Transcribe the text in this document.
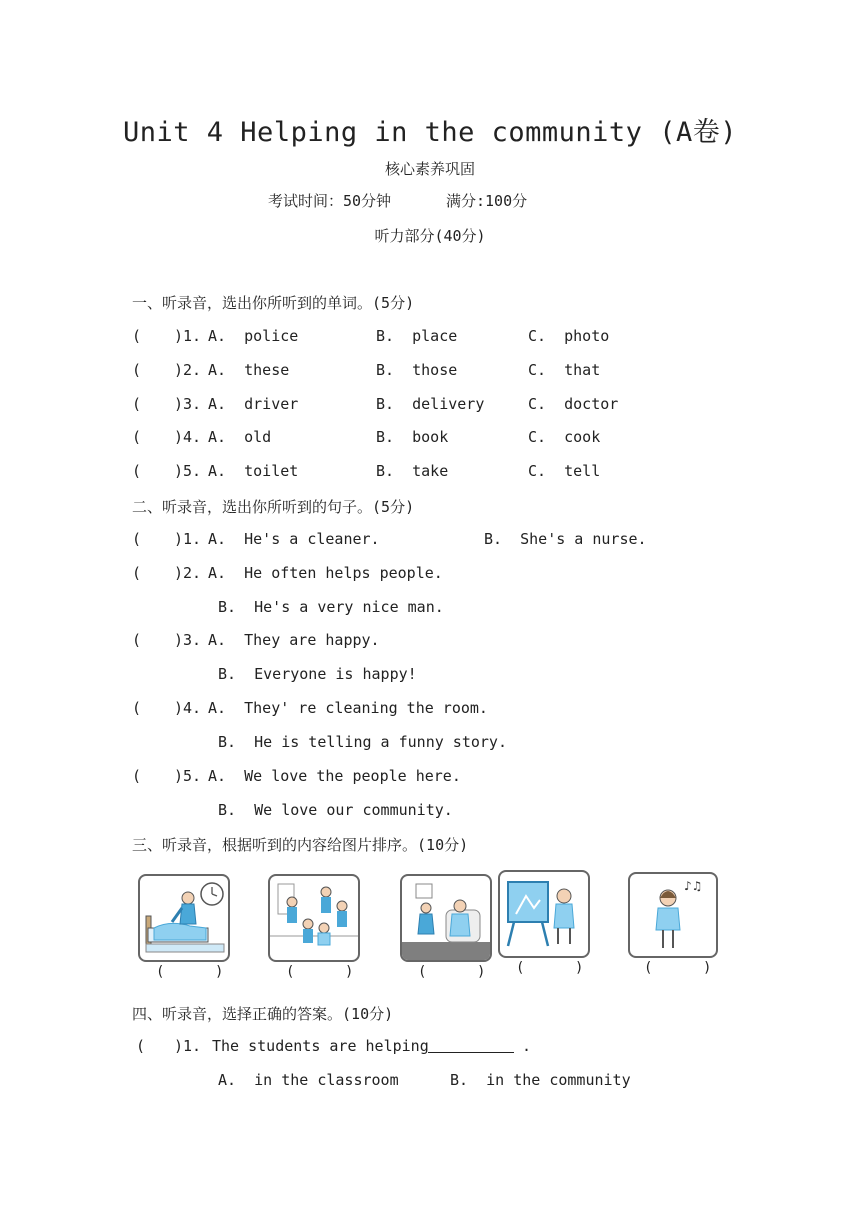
Unit 4 Helping in the community (A卷)
核心素养巩固
考试时间：50分钟	满分:100分
听力部分(40分)
一、听录音，选出你所听到的单词。(5分)
( )1. A.  police	B.  place	C.  photo
( )2. A.  these	B.  those	C.  that
( )3. A.  driver	B.  delivery	C.  doctor
( )4. A.  old	B.  book	C.  cook
( )5. A.  toilet	B.  take	C.  tell
二、听录音，选出你所听到的句子。(5分)
( )1. A.  He's a cleaner.	B.  She's a nurse.
( )2. A.  He often helps people.
B.  He's a very nice man.
( )3. A.  They are happy.
B.  Everyone is happy!
( )4. A.  They' re cleaning the room.
B.  He is telling a funny story.
( )5. A.  We love the people here.
B.  We love our community.
三、听录音，根据听到的内容给图片排序。(10分)
(      )	(      )	(      ) (      )
♪♫
(      )
四、听录音，选择正确的答案。(10分)
( )1. The students are helping	.
A.  in the classroom	B.  in the community
